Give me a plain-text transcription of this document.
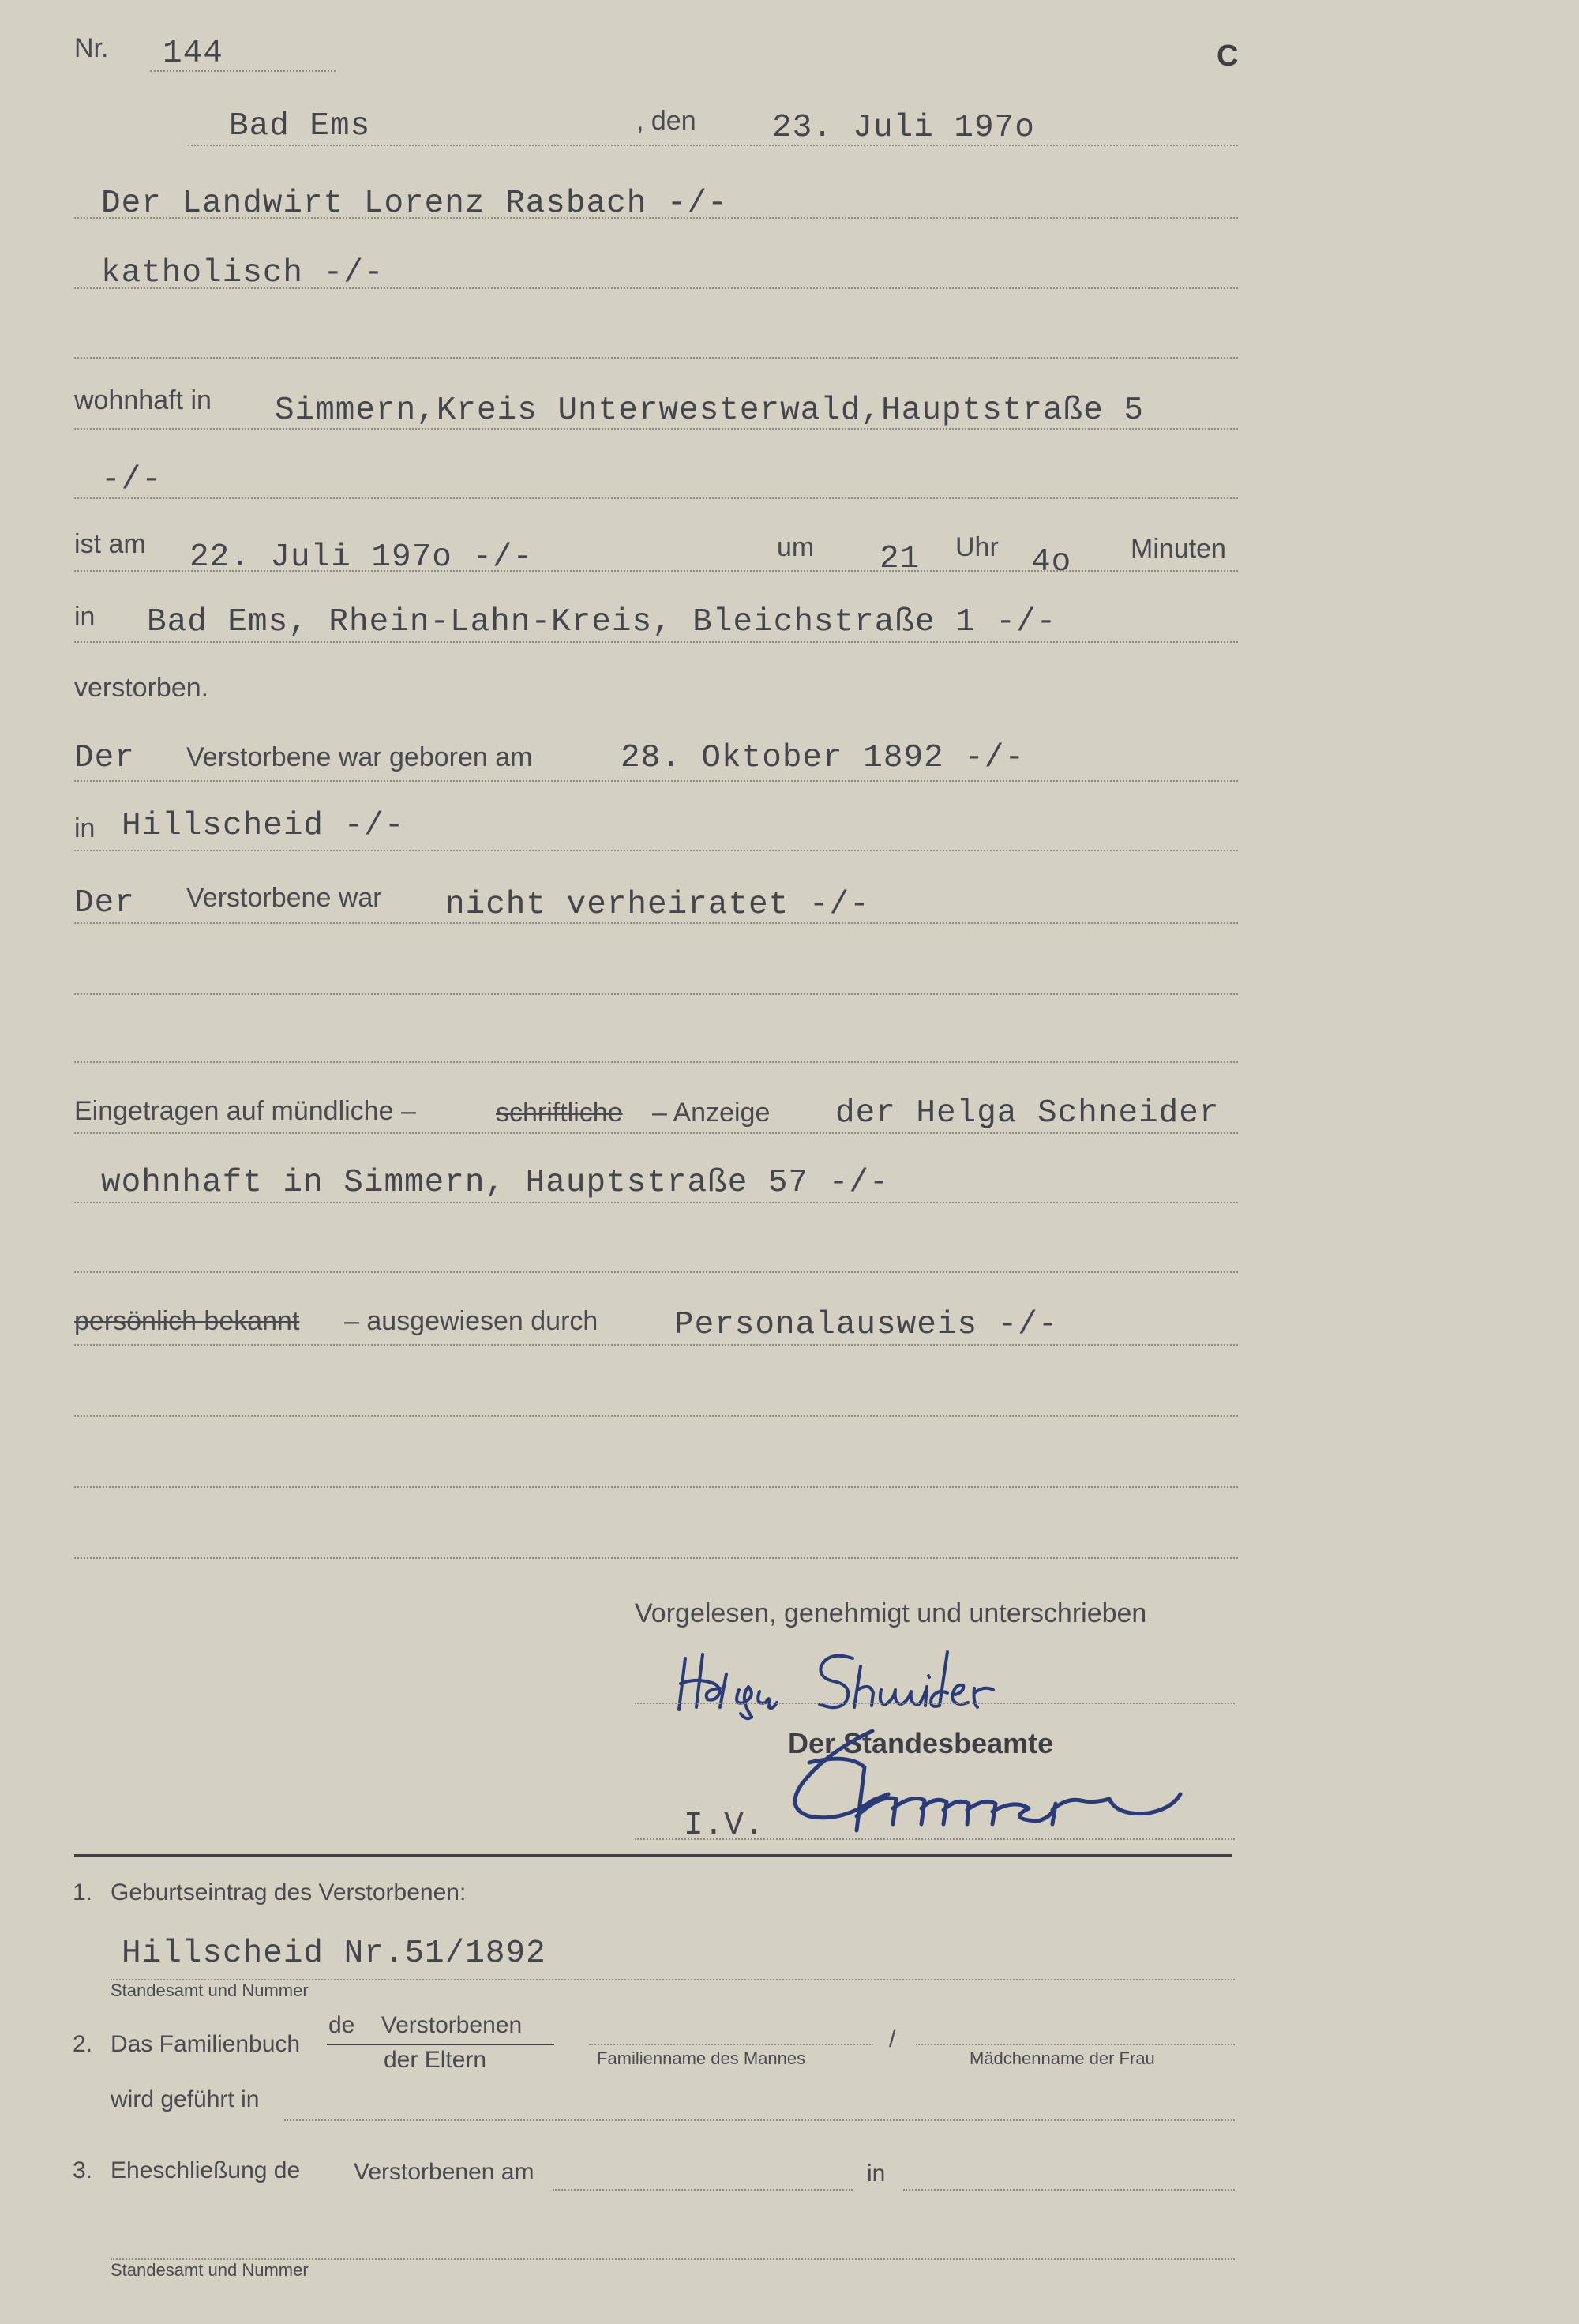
Nr. 144	C
Bad Ems	, den 23. Juli 197o
Der Landwirt Lorenz Rasbach -/-
katholisch -/-
wohnhaft in Simmern,Kreis Unterwesterwald,Hauptstraße 5
-/-
ist am 22. Juli 197o -/-	um 21 Uhr 4o Minuten
in Bad Ems, Rhein-Lahn-Kreis, Bleichstraße 1 -/-
verstorben.
Der Verstorbene war geboren am	28. Oktober 1892 -/-
in Hillscheid -/-
Der Verstorbene war nicht verheiratet -/-
Eingetragen auf mündliche –	schriftliche – Anzeige der Helga Schneider
wohnhaft in Simmern, Hauptstraße 57 -/-
persönlich bekannt – ausgewiesen durch Personalausweis -/-
Vorgelesen, genehmigt und unterschrieben
Der Standesbeamte
I.V.
1. Geburtseintrag des Verstorbenen:
Hillscheid Nr.51/1892
Standesamt und Nummer
2. Das Familienbuch
de    Verstorbenen
der Eltern	Familienname des Mannes
/
Mädchenname der Frau
wird geführt in
3. Eheschließung de Verstorbenen am	in
Standesamt und Nummer
